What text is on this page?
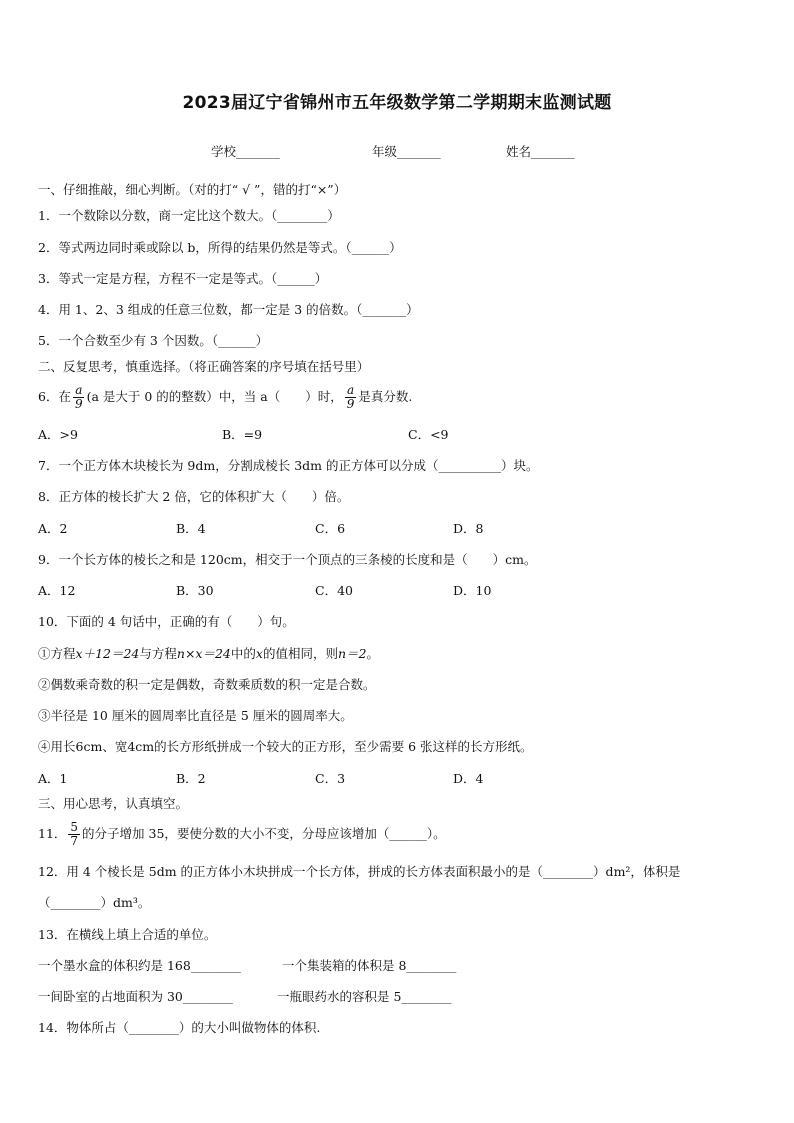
2023届辽宁省锦州市五年级数学第二学期期末监测试题
学校_______	年级_______	姓名_______
一、仔细推敲，细心判断。（对的打“ √ ”，错的打“×”）
1．一个数除以分数，商一定比这个数大。（________）
2．等式两边同时乘或除以 b，所得的结果仍然是等式。（______）
3．等式一定是方程，方程不一定是等式。（______）
4．用 1、2、3 组成的任意三位数，都一定是 3 的倍数。（_______）
5．一个合数至少有 3 个因数。（______）
二、反复思考，慎重选择。（将正确答案的序号填在括号里）
6．在 $\frac{a}{9} (a$ 是大于 0 的的整数）中，当 a（　　）时， $\frac{a}{9}$ 是真分数.
A．>9	B．=9	C．<9
7．一个正方体木块棱长为 9dm，分割成棱长 3dm 的正方体可以分成（__________）块。
8．正方体的棱长扩大 2 倍，它的体积扩大（　　）倍。
A．2	B．4	C．6	D．8
9．一个长方体的棱长之和是 120cm，相交于一个顶点的三条棱的长度和是（　　）cm。
A．12	B．30	C．40	D．10
10．下面的 4 句话中，正确的有（　　）句。
①方程x＋12＝24与方程n×x＝24中的x的值相同，则n＝2。
②偶数乘奇数的积一定是偶数，奇数乘质数的积一定是合数。
③半径是 10 厘米的圆周率比直径是 5 厘米的圆周率大。
④用长6cm、宽4cm的长方形纸拼成一个较大的正方形，至少需要 6 张这样的长方形纸。
A．1	B．2	C．3	D．4
三、用心思考，认真填空。
11． $\frac{5}{7}$ 的分子增加 35，要使分数的大小不变，分母应该增加（______）。
12．用 4 个棱长是 5dm 的正方体小木块拼成一个长方体，拼成的长方体表面积最小的是（________）dm²，体积是
（________）dm³。
13．在横线上填上合适的单位。
一个墨水盒的体积约是 168________	一个集装箱的体积是 8________
一间卧室的占地面积为 30________	一瓶眼药水的容积是 5________
14．物体所占（________）的大小叫做物体的体积.
